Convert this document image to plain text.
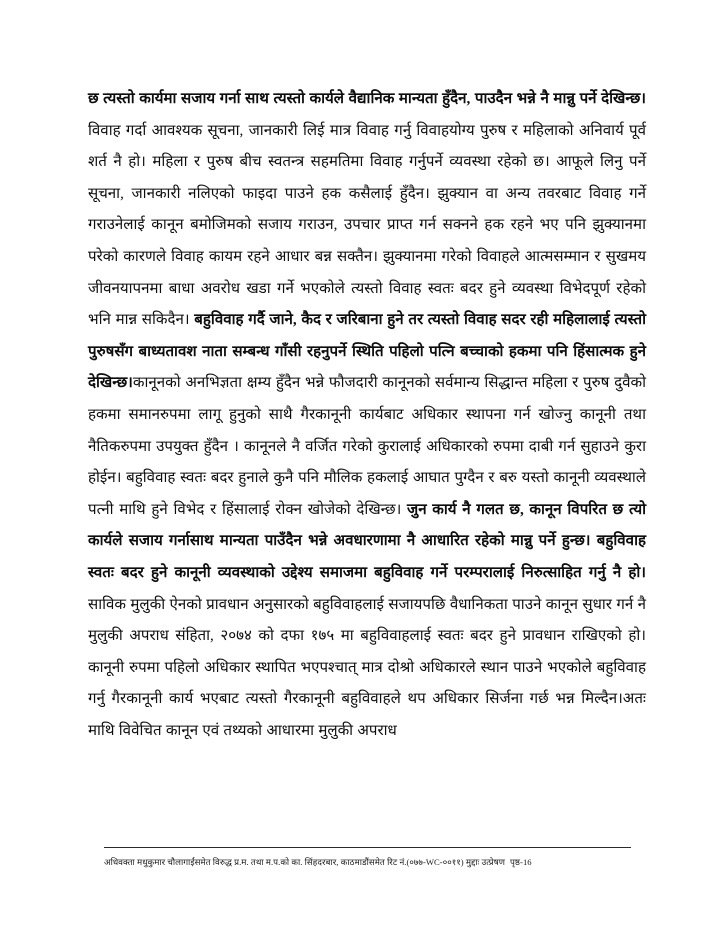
छ त्यस्तो कार्यमा सजाय गर्ना साथ त्यस्तो कार्यले वैद्यानिक मान्यता हुँदैन, पाउदैन भन्ने नै मान्नु पर्ने देखिन्छ। विवाह गर्दा आवश्यक सूचना, जानकारी लिई मात्र विवाह गर्नु विवाहयोग्य पुरुष र महिलाको अनिवार्य पूर्व शर्त नै हो। महिला र पुरुष बीच स्वतन्त्र सहमतिमा विवाह गर्नुपर्ने व्यवस्था रहेको छ। आफूले लिनु पर्ने सूचना, जानकारी नलिएको फाइदा पाउने हक कसैलाई हुँदैन। झुक्यान वा अन्य तवरबाट विवाह गर्ने गराउनेलाई कानून बमोजिमको सजाय गराउन, उपचार प्राप्त गर्न सक्नने हक रहने भए पनि झुक्यानमा परेको कारणले विवाह कायम रहने आधार बन्न सक्तैन। झुक्यानमा गरेको विवाहले आत्मसम्मान र सुखमय जीवनयापनमा बाधा अवरोध खडा गर्ने भएकोले त्यस्तो विवाह स्वतः बदर हुने व्यवस्था विभेदपूर्ण रहेको भनि मान्न सकिदैन। बहुविवाह गर्दै जाने, कैद र जरिबाना हुने तर त्यस्तो विवाह सदर रही महिलालाई त्यस्तो पुरुषसँग बाध्यतावश नाता सम्बन्ध गाँसी रहनुपर्ने स्थिति पहिलो पत्नि बच्चाको हकमा पनि हिंसात्मक हुने देखिन्छ।कानूनको अनभिज्ञता क्षम्य हुँदैन भन्ने फौजदारी कानूनको सर्वमान्य सिद्धान्त महिला र पुरुष दुवैको हकमा समानरुपमा लागू हुनुको साथै गैरकानूनी कार्यबाट अधिकार स्थापना गर्न खोज्नु कानूनी तथा नैतिकरुपमा उपयुक्त हुँदैन । कानूनले नै वर्जित गरेको कुरालाई अधिकारको रुपमा दाबी गर्न सुहाउने कुरा होईन। बहुविवाह स्वतः बदर हुनाले कुनै पनि मौलिक हकलाई आघात पुग्दैन र बरु यस्तो कानूनी व्यवस्थाले पत्नी माथि हुने विभेद र हिंसालाई रोक्न खोजेको देखिन्छ। जुन कार्य नै गलत छ, कानून विपरित छ त्यो कार्यले सजाय गर्नासाथ मान्यता पाउँदैन भन्ने अवधारणामा नै आधारित रहेको मान्नु पर्ने हुन्छ। बहुविवाह स्वतः बदर हुने कानूनी व्यवस्थाको उद्देश्य समाजमा बहुविवाह गर्ने परम्परालाई निरुत्साहित गर्नु नै हो। साविक मुलुकी ऐनको प्रावधान अनुसारको बहुविवाहलाई सजायपछि वैधानिकता पाउने कानून सुधार गर्न नै मुलुकी अपराध संहिता, २०७४ को दफा १७५ मा बहुविवाहलाई स्वतः बदर हुने प्रावधान राखिएको हो। कानूनी रुपमा पहिलो अधिकार स्थापित भएपश्चात् मात्र दोश्रो अधिकारले स्थान पाउने भएकोले बहुविवाह गर्नु गैरकानूनी कार्य भएबाट त्यस्तो गैरकानूनी बहुविवाहले थप अधिकार सिर्जना गर्छ भन्न मिल्दैन।अतः माथि विवेचित कानून एवं तथ्यको आधारमा मुलुकी अपराध
अधिवक्ता मधुकुमार चौलागाईंसमेत विरुद्ध प्र.म. तथा म.प.को का. सिंहदरबार, काठमाडौंसमेत रिट नं.(०७७-WC-००११) मुद्दाः उत्प्रेषण पृष्ठ-16
